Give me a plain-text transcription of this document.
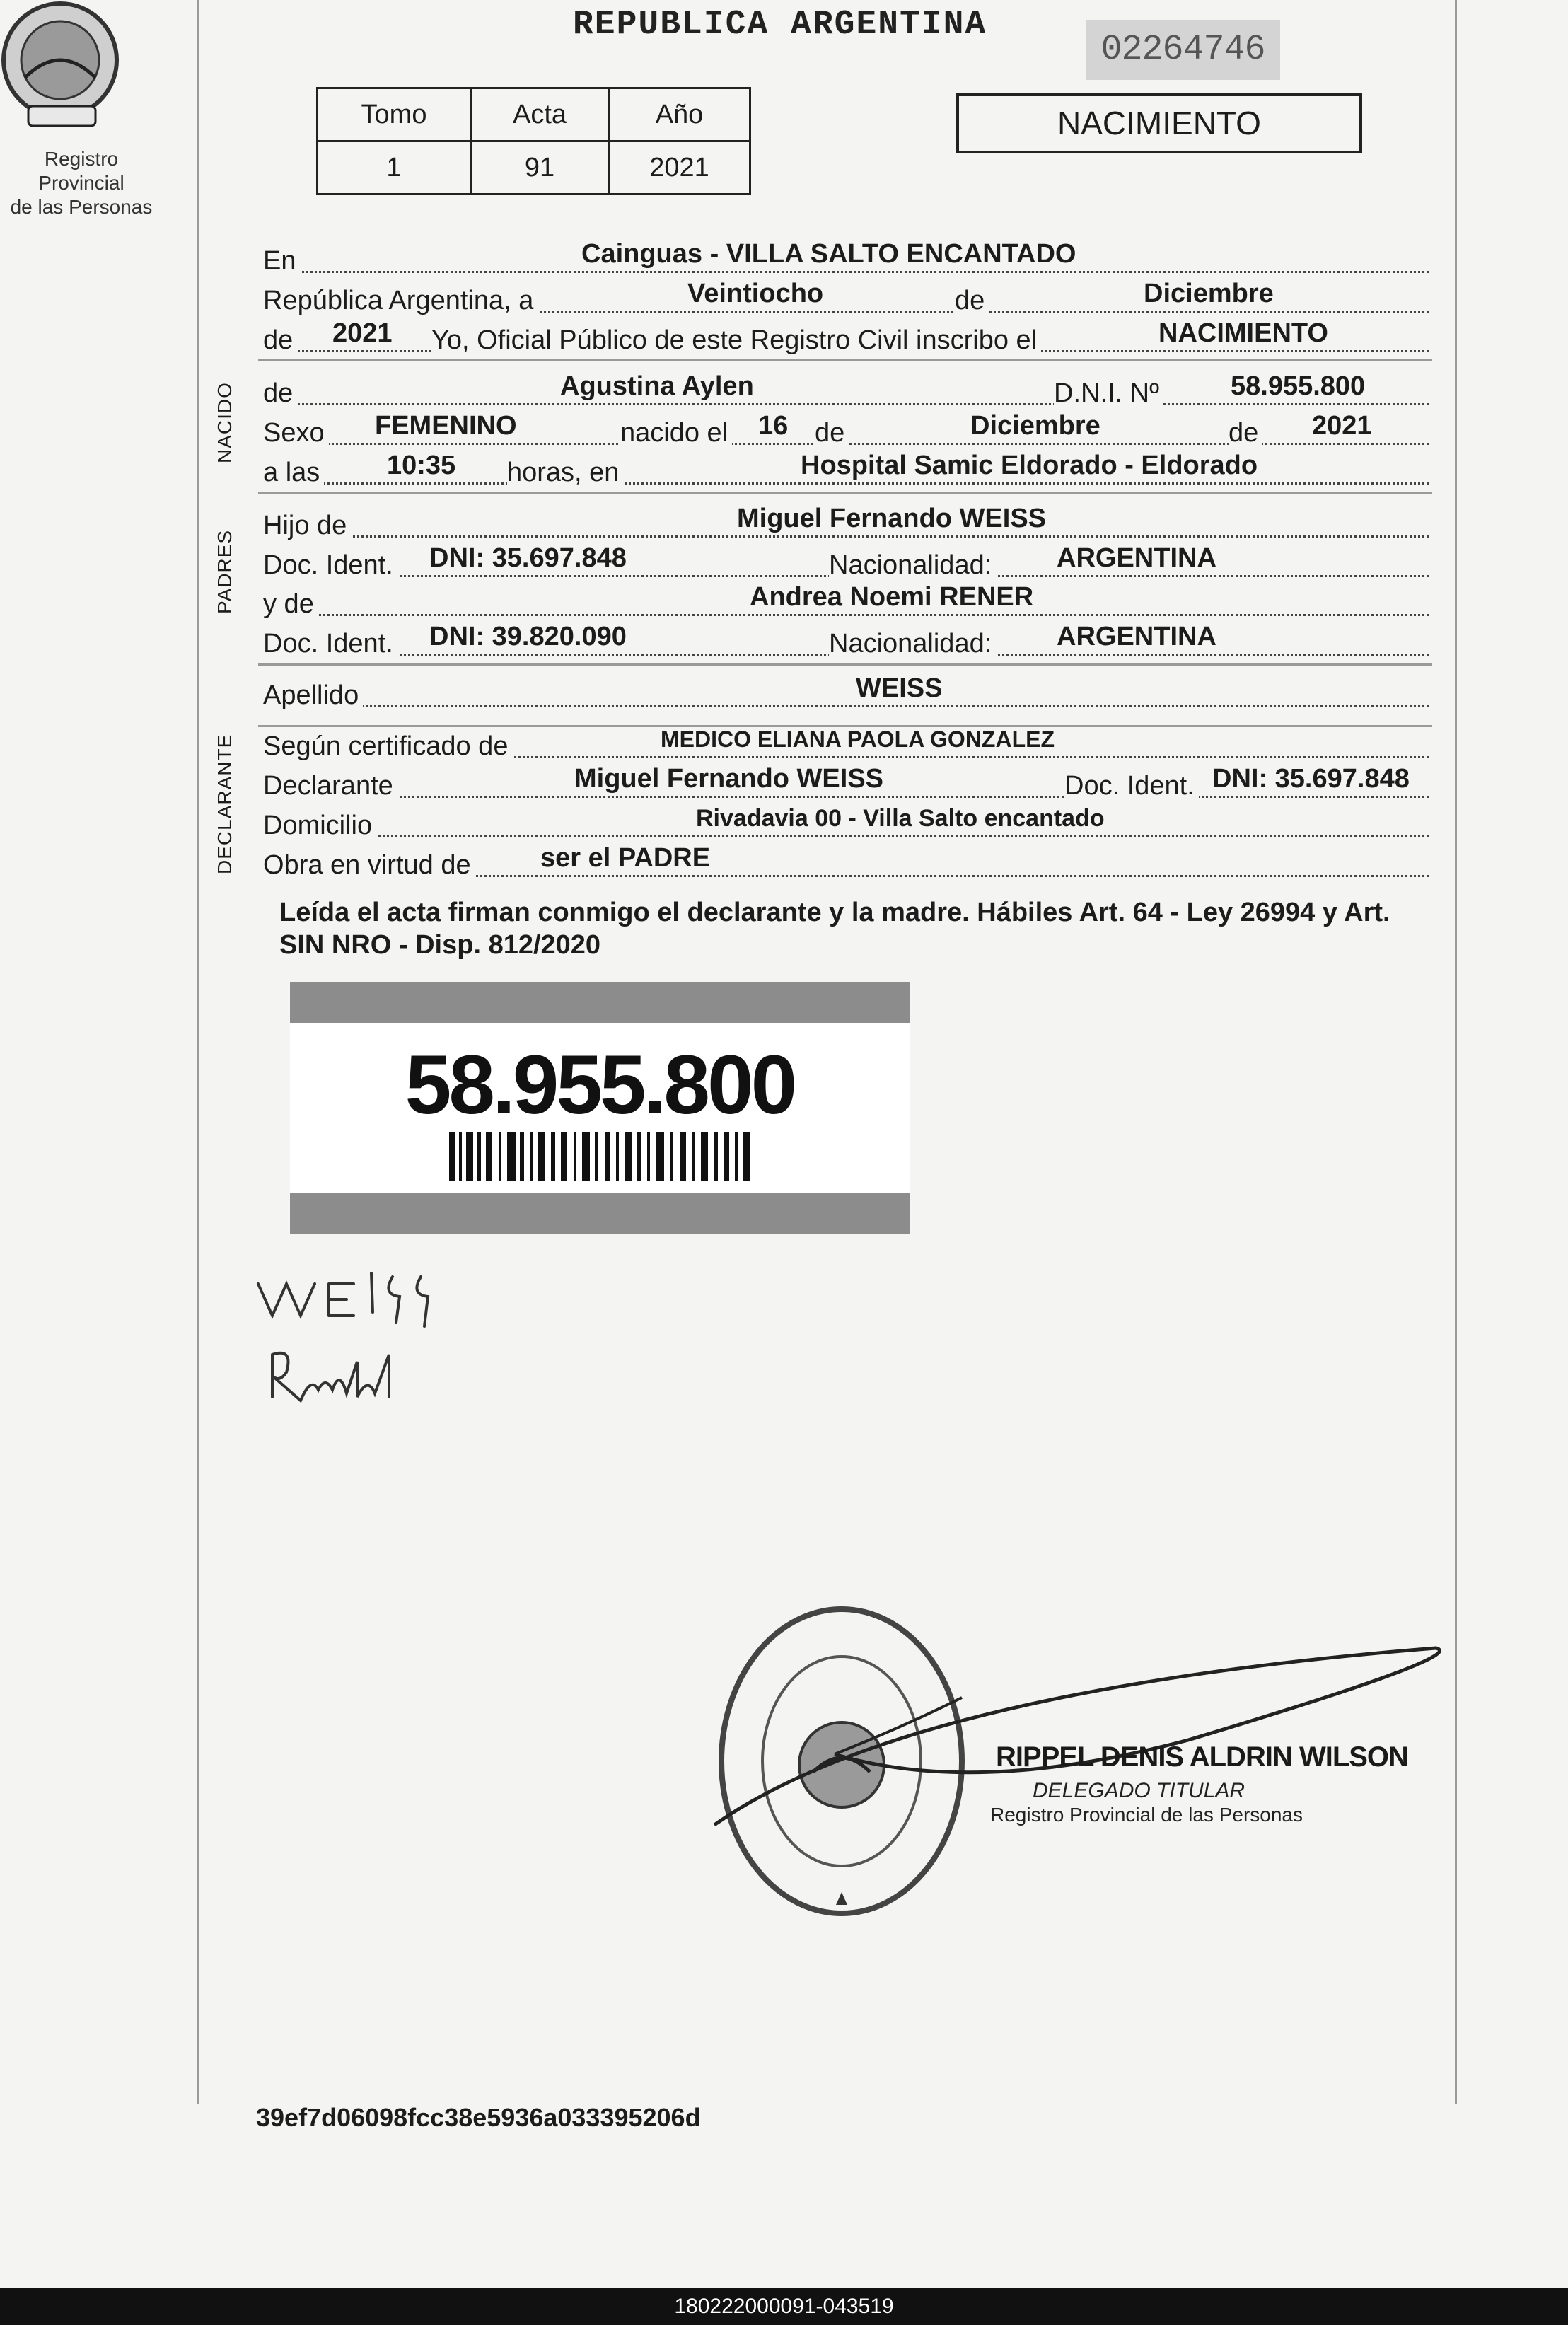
Registro Provincial
de las Personas
REPUBLICA ARGENTINA
02264746
Tomo	Acta	Año
1	91	2021
NACIMIENTO
En	Cainguas - VILLA SALTO ENCANTADO
República Argentina, a	Veintiocho	de	Diciembre
de 2021 Yo, Oficial Público de este Registro Civil inscribo el	NACIMIENTO
NACIDO de	Agustina Aylen	D.N.I. Nº	58.955.800
Sexo FEMENINO	nacido el 16 de	Diciembre	de 2021
a las 10:35 horas, en	Hospital Samic Eldorado - Eldorado
PADRES
Hijo de	Miguel Fernando WEISS
Doc. Ident. DNI: 35.697.848	Nacionalidad: ARGENTINA
y de	Andrea Noemi RENER
Doc. Ident. DNI: 39.820.090	Nacionalidad: ARGENTINA
Apellido	WEISS
DECLARANTE Según certificado de	MEDICO ELIANA PAOLA GONZALEZ
Declarante	Miguel Fernando WEISS	Doc. Ident. DNI: 35.697.848
Domicilio	Rivadavia 00 - Villa Salto encantado
Obra en virtud de	ser el PADRE
Leída el acta firman conmigo el declarante y la madre. Hábiles Art. 64 - Ley 26994 y Art. SIN NRO - Disp. 812/2020
58.955.800
RIPPEL DENIS ALDRIN WILSON
DELEGADO TITULAR
Registro Provincial de las Personas
39ef7d06098fcc38e5936a033395206d
180222000091-043519
